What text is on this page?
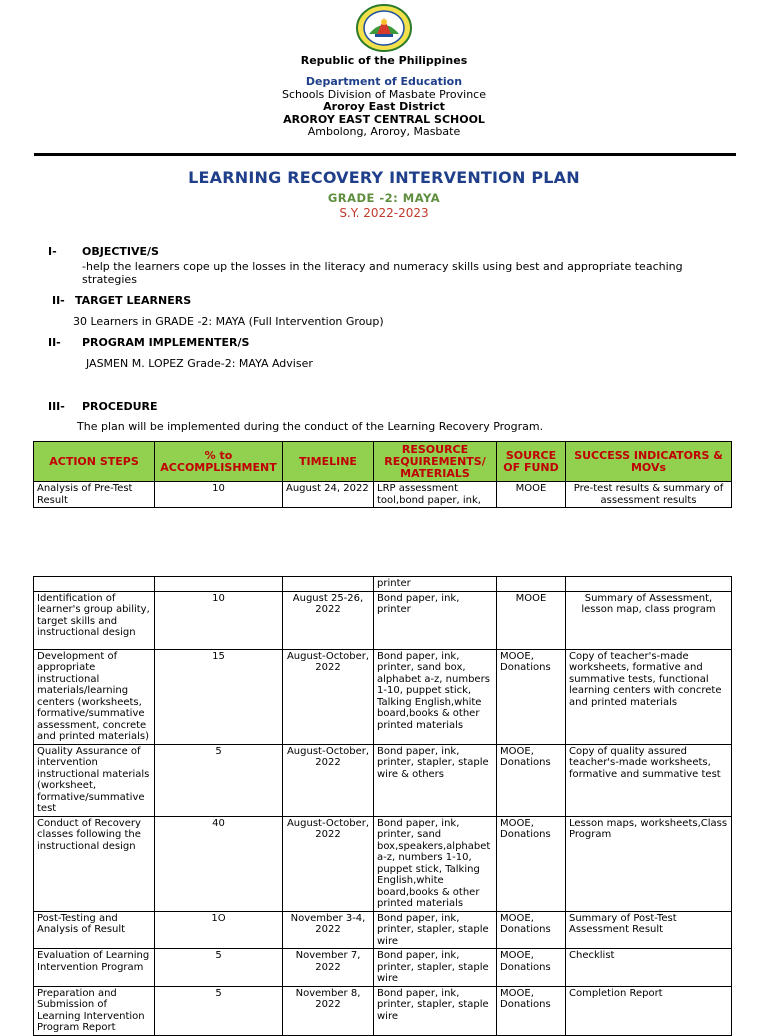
Republic of the Philippines
Department of Education
Schools Division of Masbate Province
Aroroy East District
AROROY EAST CENTRAL SCHOOL
Ambolong, Aroroy, Masbate
LEARNING RECOVERY INTERVENTION PLAN
GRADE -2: MAYA
S.Y. 2022-2023
I- OBJECTIVE/S
-help the learners cope up the losses in the literacy and numeracy skills using best and appropriate teaching strategies
II- TARGET LEARNERS
30 Learners in GRADE -2: MAYA (Full Intervention Group)
II- PROGRAM IMPLEMENTER/S
JASMEN M. LOPEZ Grade-2: MAYA Adviser
III- PROCEDURE
The plan will be implemented during the conduct of the Learning Recovery Program.
ACTION STEPS	% to ACCOMPLISHMENT	TIMELINE	RESOURCE REQUIREMENTS/ MATERIALS	SOURCE OF FUND	SUCCESS INDICATORS & MOVs
Analysis of Pre-Test Result	10	August 24, 2022	LRP assessment tool,bond paper, ink,	MOOE	Pre-test results & summary of assessment results
			printer		
Identification of learner's group ability, target skills and instructional design	10	August 25-26, 2022	Bond paper, ink, printer	MOOE	Summary of Assessment, lesson map, class program
Development of appropriate instructional materials/learning centers (worksheets, formative/summative assessment, concrete and printed materials)	15	August-October, 2022	Bond paper, ink, printer, sand box, alphabet a-z, numbers 1-10, puppet stick, Talking English,white board,books & other printed materials	MOOE, Donations	Copy of teacher's-made worksheets, formative and summative tests, functional learning centers with concrete and printed materials
Quality Assurance of intervention instructional materials (worksheet, formative/summative test	5	August-October, 2022	Bond paper, ink, printer, stapler, staple wire & others	MOOE, Donations	Copy of quality assured teacher's-made worksheets, formative and summative test
Conduct of Recovery classes following the instructional design	40	August-October, 2022	Bond paper, ink, printer, sand box,speakers,alphabet a-z, numbers 1-10, puppet stick, Talking English,white board,books & other printed materials	MOOE, Donations	Lesson maps, worksheets,Class Program
Post-Testing and Analysis of Result	1O	November 3-4, 2022	Bond paper, ink, printer, stapler, staple wire	MOOE, Donations	Summary of Post-Test Assessment Result
Evaluation of Learning Intervention Program	5	November 7, 2022	Bond paper, ink, printer, stapler, staple wire	MOOE, Donations	Checklist
Preparation and Submission of Learning Intervention Program Report	5	November 8, 2022	Bond paper, ink, printer, stapler, staple wire	MOOE, Donations	Completion Report
